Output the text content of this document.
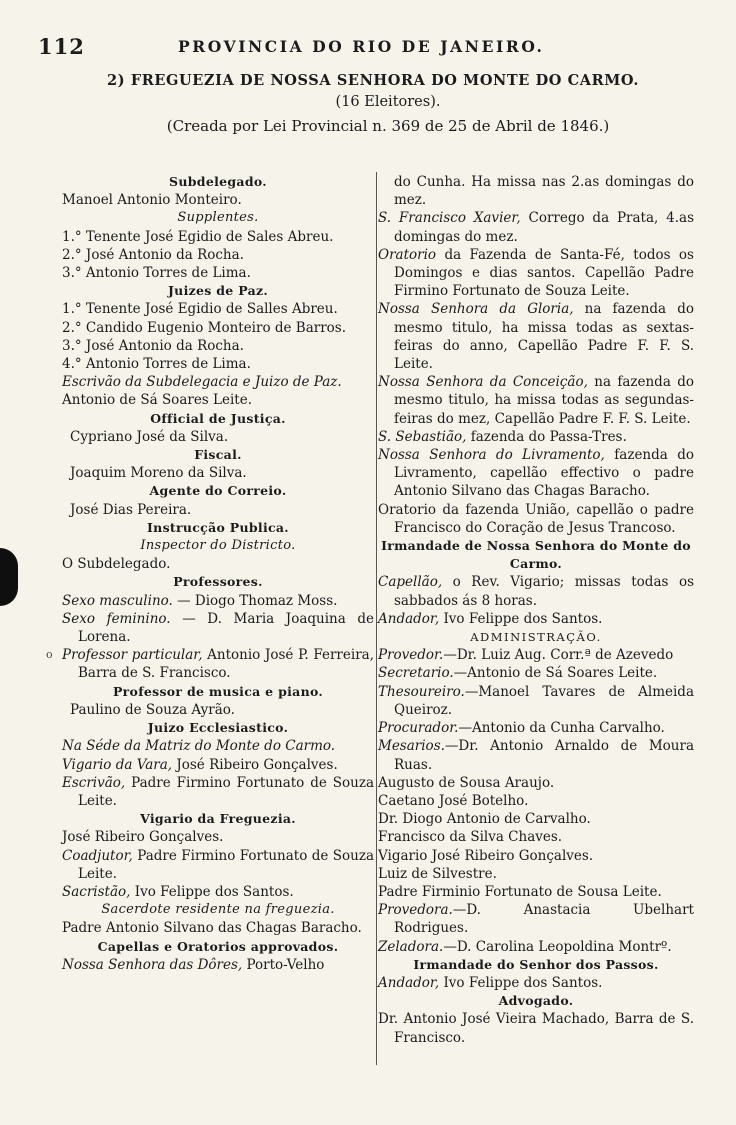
112	PROVINCIA DO RIO DE JANEIRO.
2) FREGUEZIA DE NOSSA SENHORA DO MONTE DO CARMO.
(16 Eleitores).
(Creada por Lei Provincial n. 369 de 25 de Abril de 1846.)
o
Subdelegado.
Manoel Antonio Monteiro.
Supplentes.
1.° Tenente José Egidio de Sales Abreu.
2.° José Antonio da Rocha.
3.° Antonio Torres de Lima.
Juizes de Paz.
1.° Tenente José Egidio de Salles Abreu.
2.° Candido Eugenio Monteiro de Barros.
3.° José Antonio da Rocha.
4.° Antonio Torres de Lima.
Escrivão da Subdelegacia e Juizo de Paz.
Antonio de Sá Soares Leite.
Official de Justiça.
Cypriano José da Silva.
Fiscal.
Joaquim Moreno da Silva.
Agente do Correio.
José Dias Pereira.
Instrucção Publica.
Inspector do Districto.
O Subdelegado.
Professores.
Sexo masculino. — Diogo Thomaz Moss.
Sexo feminino. — D. Maria Joaquina de Lorena.
Professor particular, Antonio José P. Ferreira, Barra de S. Francisco.
Professor de musica e piano.
Paulino de Souza Ayrão.
Juizo Ecclesiastico.
Na Séde da Matriz do Monte do Carmo.
Vigario da Vara, José Ribeiro Gonçalves.
Escrivão, Padre Firmino Fortunato de Souza Leite.
Vigario da Freguezia.
José Ribeiro Gonçalves.
Coadjutor, Padre Firmino Fortunato de Souza Leite.
Sacristão, Ivo Felippe dos Santos.
Sacerdote residente na freguezia.
Padre Antonio Silvano das Chagas Baracho.
Capellas e Oratorios approvados.
Nossa Senhora das Dôres, Porto-Velho
do Cunha. Ha missa nas 2.as domingas do mez.
S. Francisco Xavier, Corrego da Prata, 4.as domingas do mez.
Oratorio da Fazenda de Santa-Fé, todos os Domingos e dias santos. Capellão Padre Firmino Fortunato de Souza Leite.
Nossa Senhora da Gloria, na fazenda do mesmo titulo, ha missa todas as sextas-feiras do anno, Capellão Padre F. F. S. Leite.
Nossa Senhora da Conceição, na fazenda do mesmo titulo, ha missa todas as segundas-feiras do mez, Capellão Padre F. F. S. Leite.
S. Sebastião, fazenda do Passa-Tres.
Nossa Senhora do Livramento, fazenda do Livramento, capellão effectivo o padre Antonio Silvano das Chagas Baracho.
Oratorio da fazenda União, capellão o padre Francisco do Coração de Jesus Trancoso.
Irmandade de Nossa Senhora do Monte do Carmo.
Capellão, o Rev. Vigario; missas todas os sabbados ás 8 horas.
Andador, Ivo Felippe dos Santos.
ADMINISTRAÇÃO.
Provedor.—Dr. Luiz Aug. Corr.ª de Azevedo
Secretario.—Antonio de Sá Soares Leite.
Thesoureiro.—Manoel Tavares de Almeida Queiroz.
Procurador.—Antonio da Cunha Carvalho.
Mesarios.—Dr. Antonio Arnaldo de Moura Ruas.
Augusto de Sousa Araujo.
Caetano José Botelho.
Dr. Diogo Antonio de Carvalho.
Francisco da Silva Chaves.
Vigario José Ribeiro Gonçalves.
Luiz de Silvestre.
Padre Firminio Fortunato de Sousa Leite.
Provedora.—D. Anastacia Ubelhart Rodrigues.
Zeladora.—D. Carolina Leopoldina Montrº.
Irmandade do Senhor dos Passos.
Andador, Ivo Felippe dos Santos.
Advogado.
Dr. Antonio José Vieira Machado, Barra de S. Francisco.
